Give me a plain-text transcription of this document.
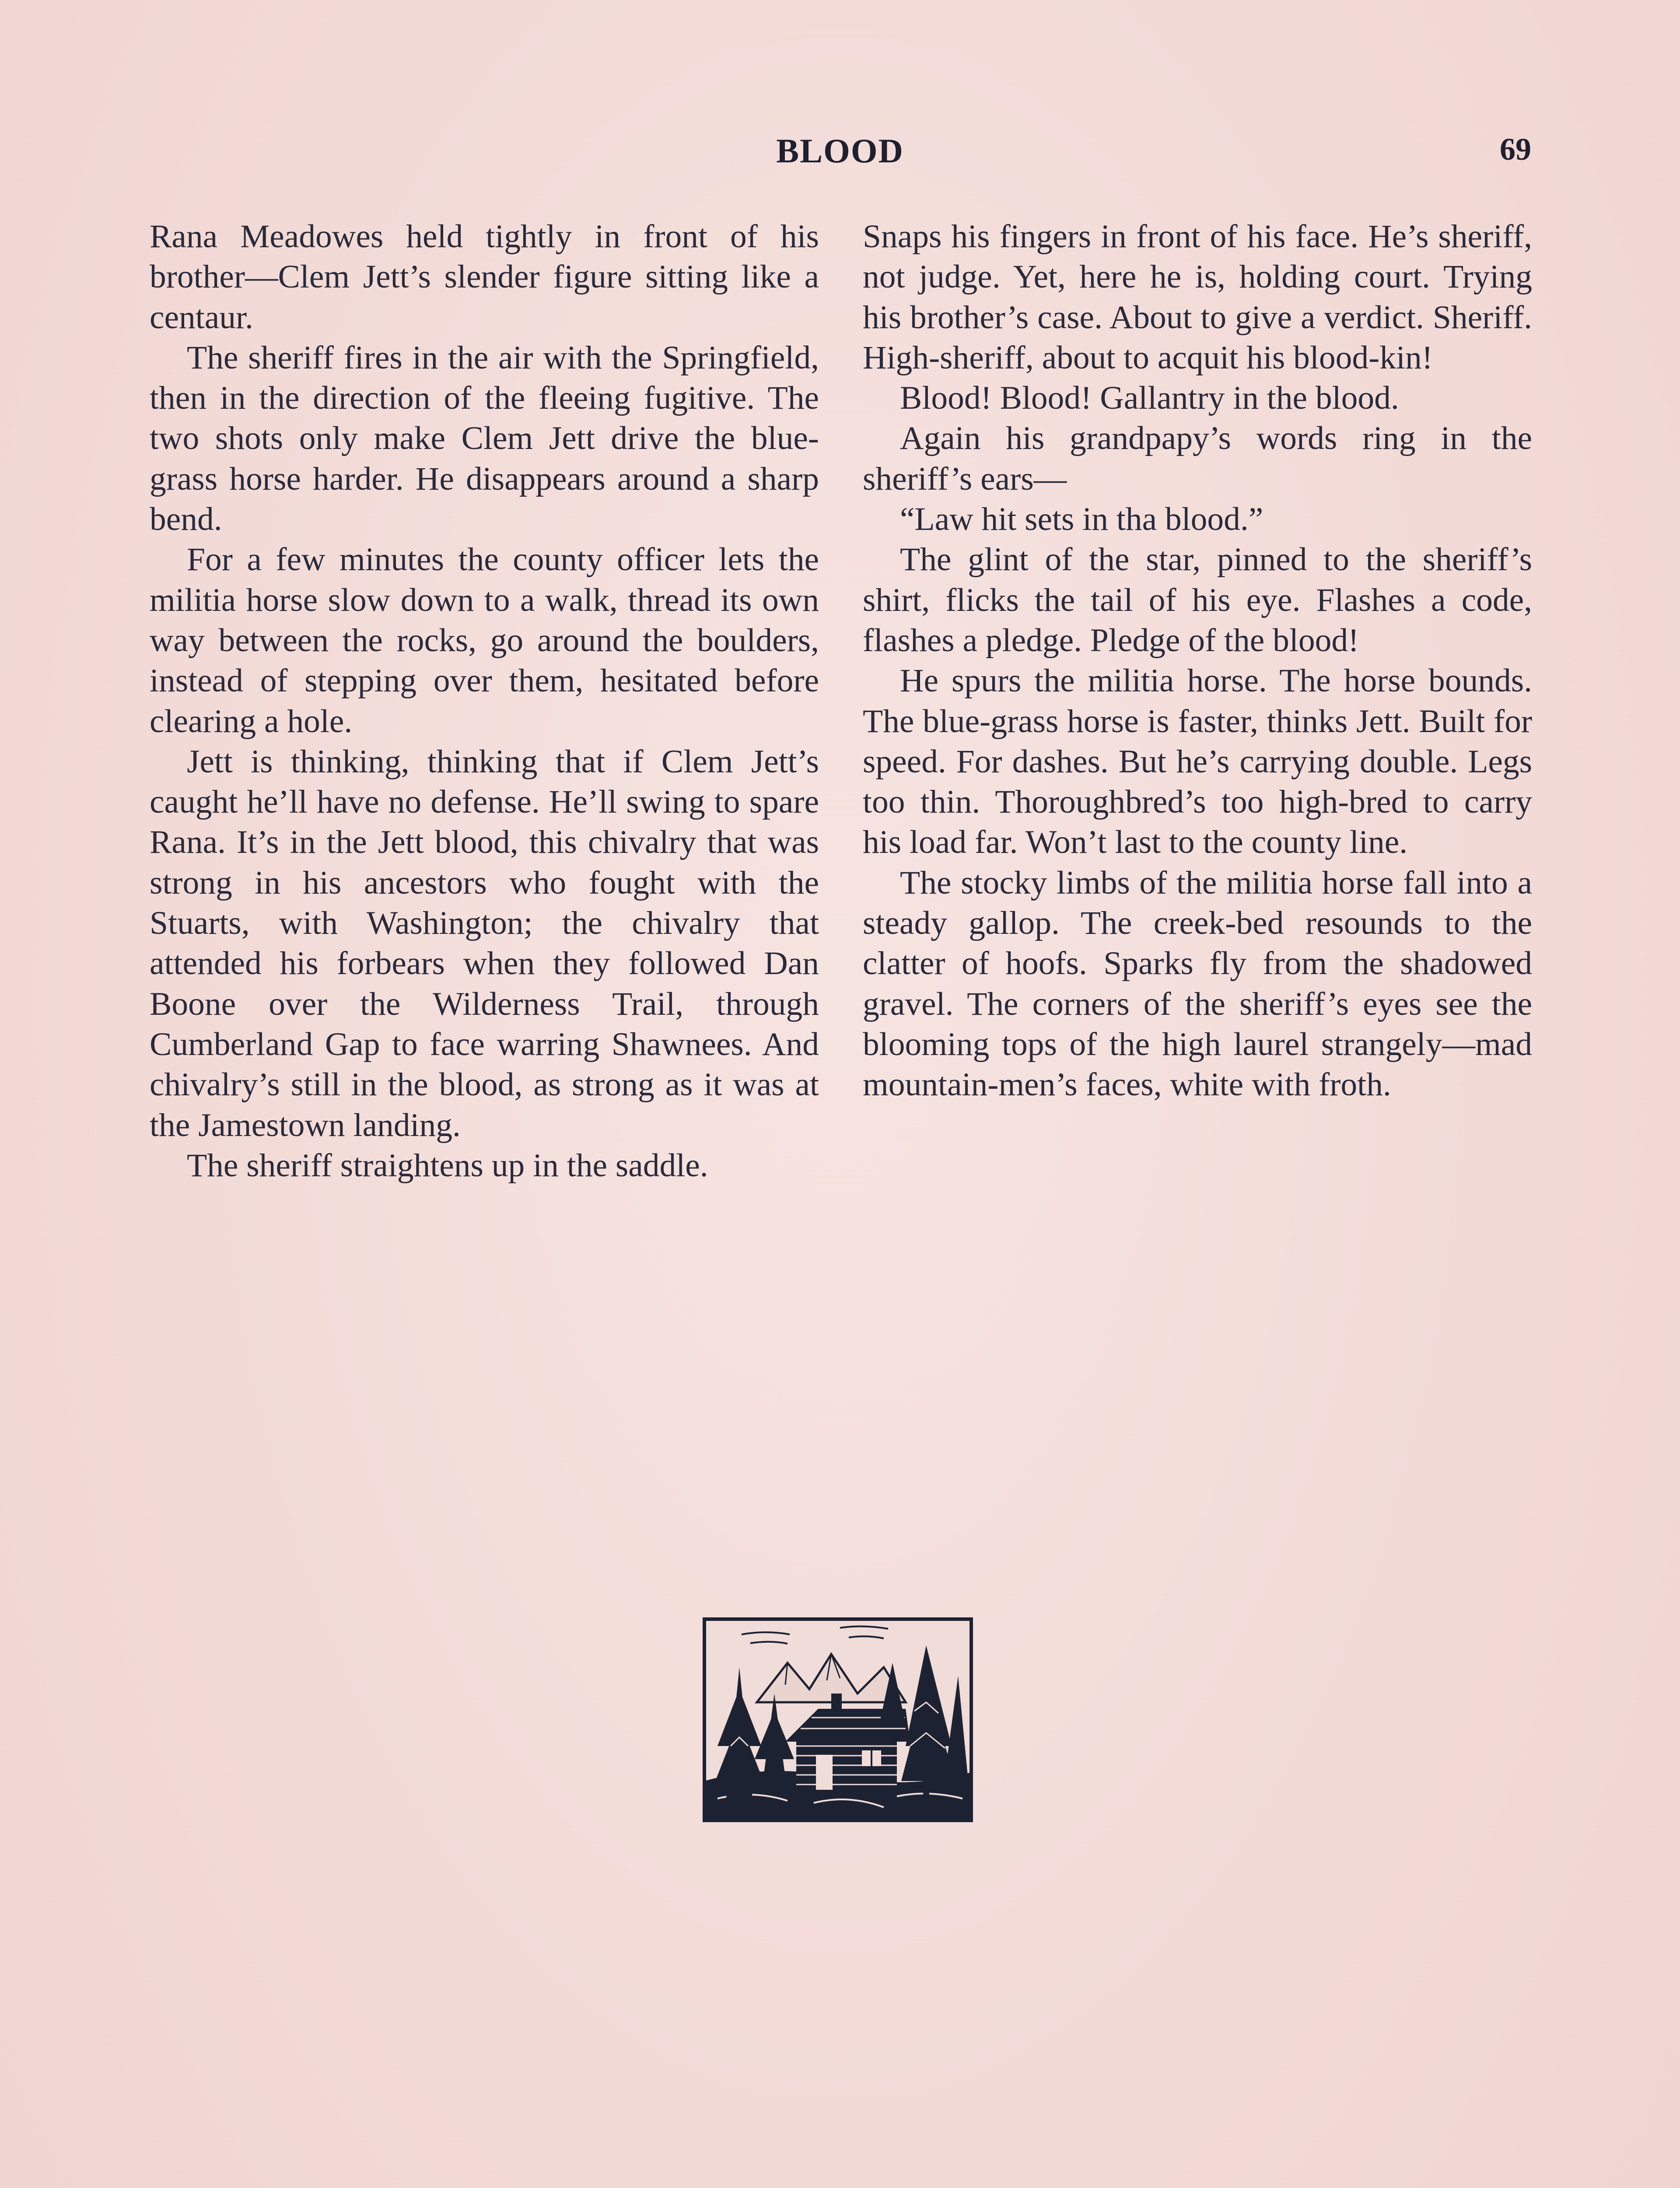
BLOOD	69

Rana Meadowes held tightly in front of his brother—Clem Jett’s slender figure sitting like a centaur.

The sheriff fires in the air with the Springfield, then in the direction of the fleeing fugitive. The two shots only make Clem Jett drive the blue-grass horse harder. He disappears around a sharp bend.

For a few minutes the county officer lets the militia horse slow down to a walk, thread its own way between the rocks, go around the boulders, instead of stepping over them, hesitated before clearing a hole.

Jett is thinking, thinking that if Clem Jett’s caught he’ll have no defense. He’ll swing to spare Rana. It’s in the Jett blood, this chivalry that was strong in his ancestors who fought with the Stuarts, with Washington; the chivalry that attended his forbears when they followed Dan Boone over the Wilderness Trail, through Cumberland Gap to face warring Shawnees. And chivalry’s still in the blood, as strong as it was at the Jamestown landing.

The sheriff straightens up in the saddle.

Snaps his fingers in front of his face. He’s sheriff, not judge. Yet, here he is, holding court. Trying his brother’s case. About to give a verdict. Sheriff. High-sheriff, about to acquit his blood-kin!

Blood! Blood! Gallantry in the blood.

Again his grandpapy’s words ring in the sheriff’s ears—

“Law hit sets in tha blood.”

The glint of the star, pinned to the sheriff’s shirt, flicks the tail of his eye. Flashes a code, flashes a pledge. Pledge of the blood!

He spurs the militia horse. The horse bounds. The blue-grass horse is faster, thinks Jett. Built for speed. For dashes. But he’s carrying double. Legs too thin. Thoroughbred’s too high-bred to carry his load far. Won’t last to the county line.

The stocky limbs of the militia horse fall into a steady gallop. The creek-bed resounds to the clatter of hoofs. Sparks fly from the shadowed gravel. The corners of the sheriff’s eyes see the blooming tops of the high laurel strangely—mad mountain-men’s faces, white with froth.
